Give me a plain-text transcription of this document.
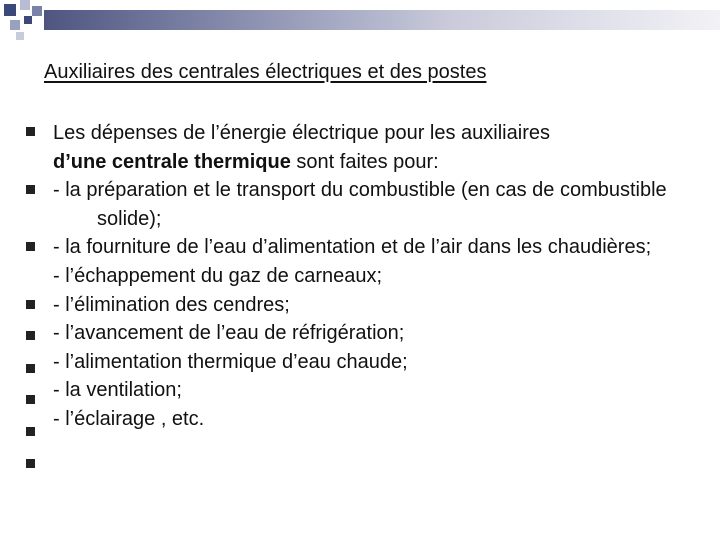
Auxiliaires des centrales électriques et des postes
Les dépenses de l’énergie électrique pour les auxiliaires
d’une centrale thermique sont faites pour:
- la préparation et le transport du combustible (en cas de combustible solide);
- la fourniture de l’eau d’alimentation et de l’air dans les chaudières;
- l’échappement du gaz de carneaux;
- l’élimination des cendres;
- l’avancement de l’eau de réfrigération;
- l’alimentation thermique d’eau chaude;
- la ventilation;
- l’éclairage , etc.
